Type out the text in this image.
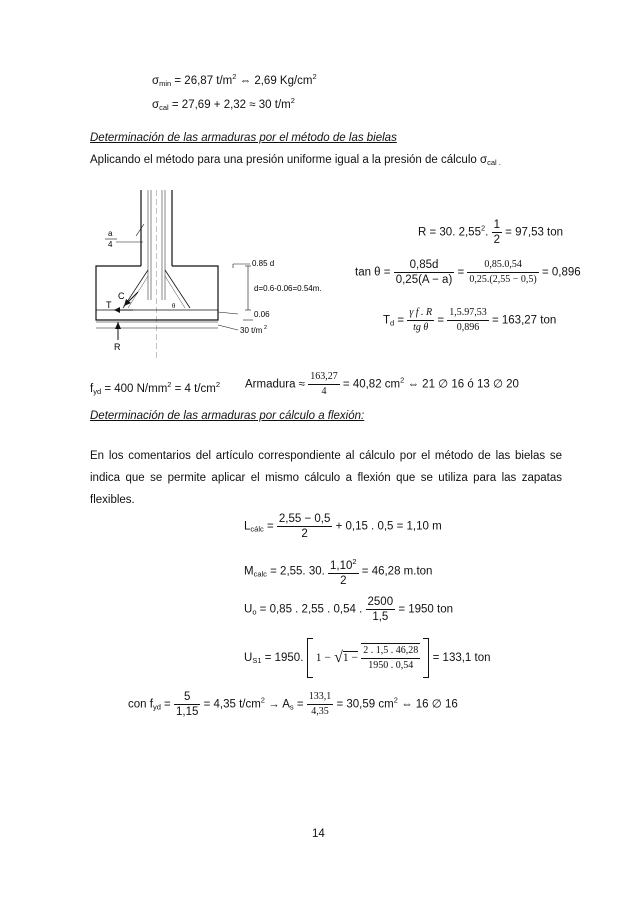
$\sigma_{min} = 26,87$ $t/m^2$ ⇔ 2,69 $Kg/cm^2$
$\sigma_{cal} = 27,69 + 2,32 \approx 30$ $t/m^2$
Determinación de las armaduras por el método de las bielas
Aplicando el método para una presión uniforme igual a la presión de cálculo $\sigma_{cal .}$
a
4
0.85 d
d=0.6-0.06=0.54m.
0.06
C
T
R
θ
30 t/m 2
R = 30. 2,55$^2$. $\frac{1}{2} = 97,53$ ton
$\tan \theta = \frac{0,85d}{0,25(A - a)} = \frac{0,85.0,54}{0,25.(2,55 - 0,5)} = 0,896$
$T_d = \frac{\text{γ f . R}}{\text{tg θ}} = \frac{1,5.97,53}{0,896} = 163,27$ ton
$f_{yd} = 400$ $N/mm^2 = 4$ $t/cm^2$ Armadura ≈ $\frac{163,27}{4} = 40,82$ $cm^2$ ⇔ 21 ∅ 16 ó 13 ∅ 20
Determinación de las armaduras por cálculo a flexión:
En los comentarios del artículo correspondiente al cálculo por el método de las bielas se indica que se permite aplicar el mismo cálculo a flexión que se utiliza para las zapatas flexibles.
$L_{cálc} = \frac{2,55 - 0,5}{2} + 0,15$ . 0,5 = 1,10 m
$M_{calc} = 2,55$. 30. $\frac{1,10^2}{2} = 46,28$ m.ton
$U_o = 0,85$ . 2,55 . 0,54 . $\frac{2500}{1,5} = 1950$ ton
$U_{S1} = 1950$. $1 - √1 - \frac{2 . 1,5 . 46,28}{1950 . 0,54} = 133,1$ ton
con $f_{yd} = \frac{5}{1,15} = 4,35$ $t/cm^2 \to A_s = \frac{133,1}{4,35} = 30,59$ $cm^2$ ⇔ 16 ∅ 16
14
